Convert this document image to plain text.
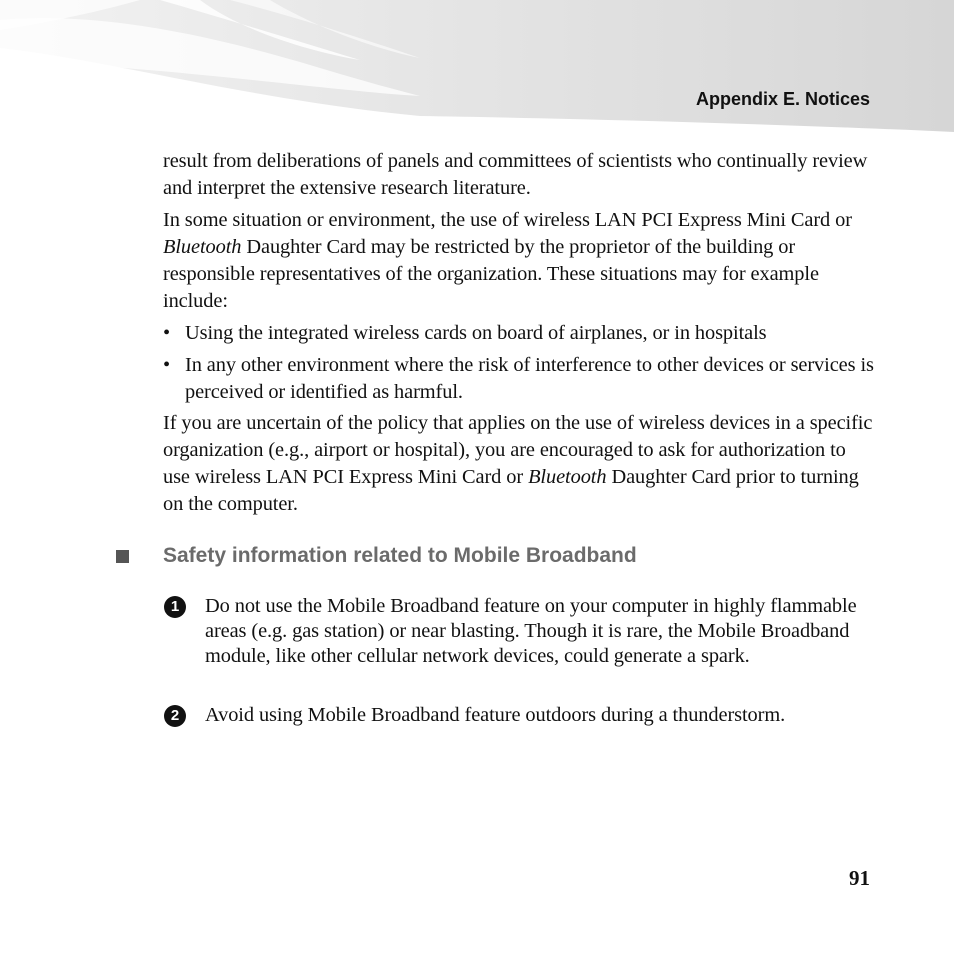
Appendix E. Notices

result from deliberations of panels and committees of scientists who continually review and interpret the extensive research literature.

In some situation or environment, the use of wireless LAN PCI Express Mini Card or Bluetooth Daughter Card may be restricted by the proprietor of the building or responsible representatives of the organization. These situations may for example include:

• Using the integrated wireless cards on board of airplanes, or in hospitals
• In any other environment where the risk of interference to other devices or services is perceived or identified as harmful.

If you are uncertain of the policy that applies on the use of wireless devices in a specific organization (e.g., airport or hospital), you are encouraged to ask for authorization to use wireless LAN PCI Express Mini Card or Bluetooth Daughter Card prior to turning on the computer.

Safety information related to Mobile Broadband
1	Do not use the Mobile Broadband feature on your computer in highly flammable areas (e.g. gas station) or near blasting. Though it is rare, the Mobile Broadband module, like other cellular network devices, could generate a spark.
2	Avoid using Mobile Broadband feature outdoors during a thunderstorm.
91
